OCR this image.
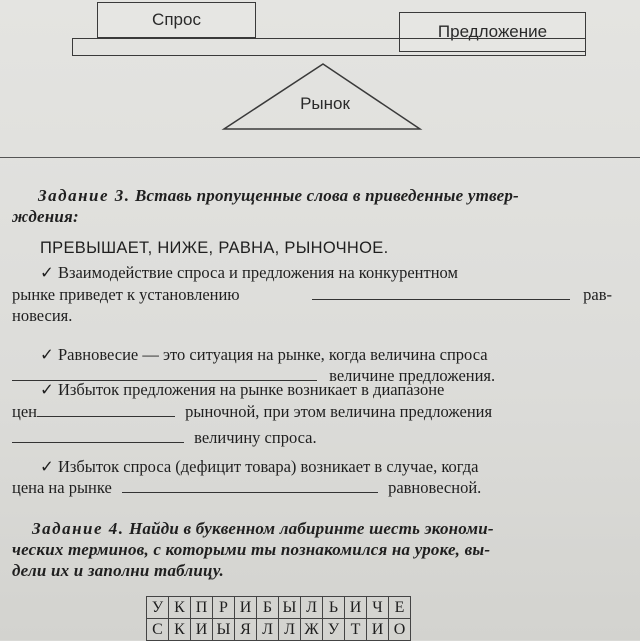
Спрос
Предложение
Рынок
Задание 3. Вставь пропущенные слова в приведенные утвер-
ждения:
ПРЕВЫШАЕТ, НИЖЕ, РАВНА, РЫНОЧНОЕ.
✓ Взаимодействие спроса и предложения на конкурентном
рынке приведет к установлению	рав-
новесия.
✓ Равновесие — это ситуация на рынке, когда величина спроса
величине предложения.
✓ Избыток предложения на рынке возникает в диапазоне
цен	рыночной, при этом величина предложения
величину спроса.
✓ Избыток спроса (дефицит товара) возникает в случае, когда
цена на рынке	равновесной.
Задание 4. Найди в буквенном лабиринте шесть экономи-
ческих терминов, с которыми ты познакомился на уроке, вы-
дели их и заполни таблицу.
У	К	П	Р	И	Б	Ы	Л	Ь	И	Ч	Е
С	К	И	Ы	Я	Л	Л	Ж	У	Т	И	О
